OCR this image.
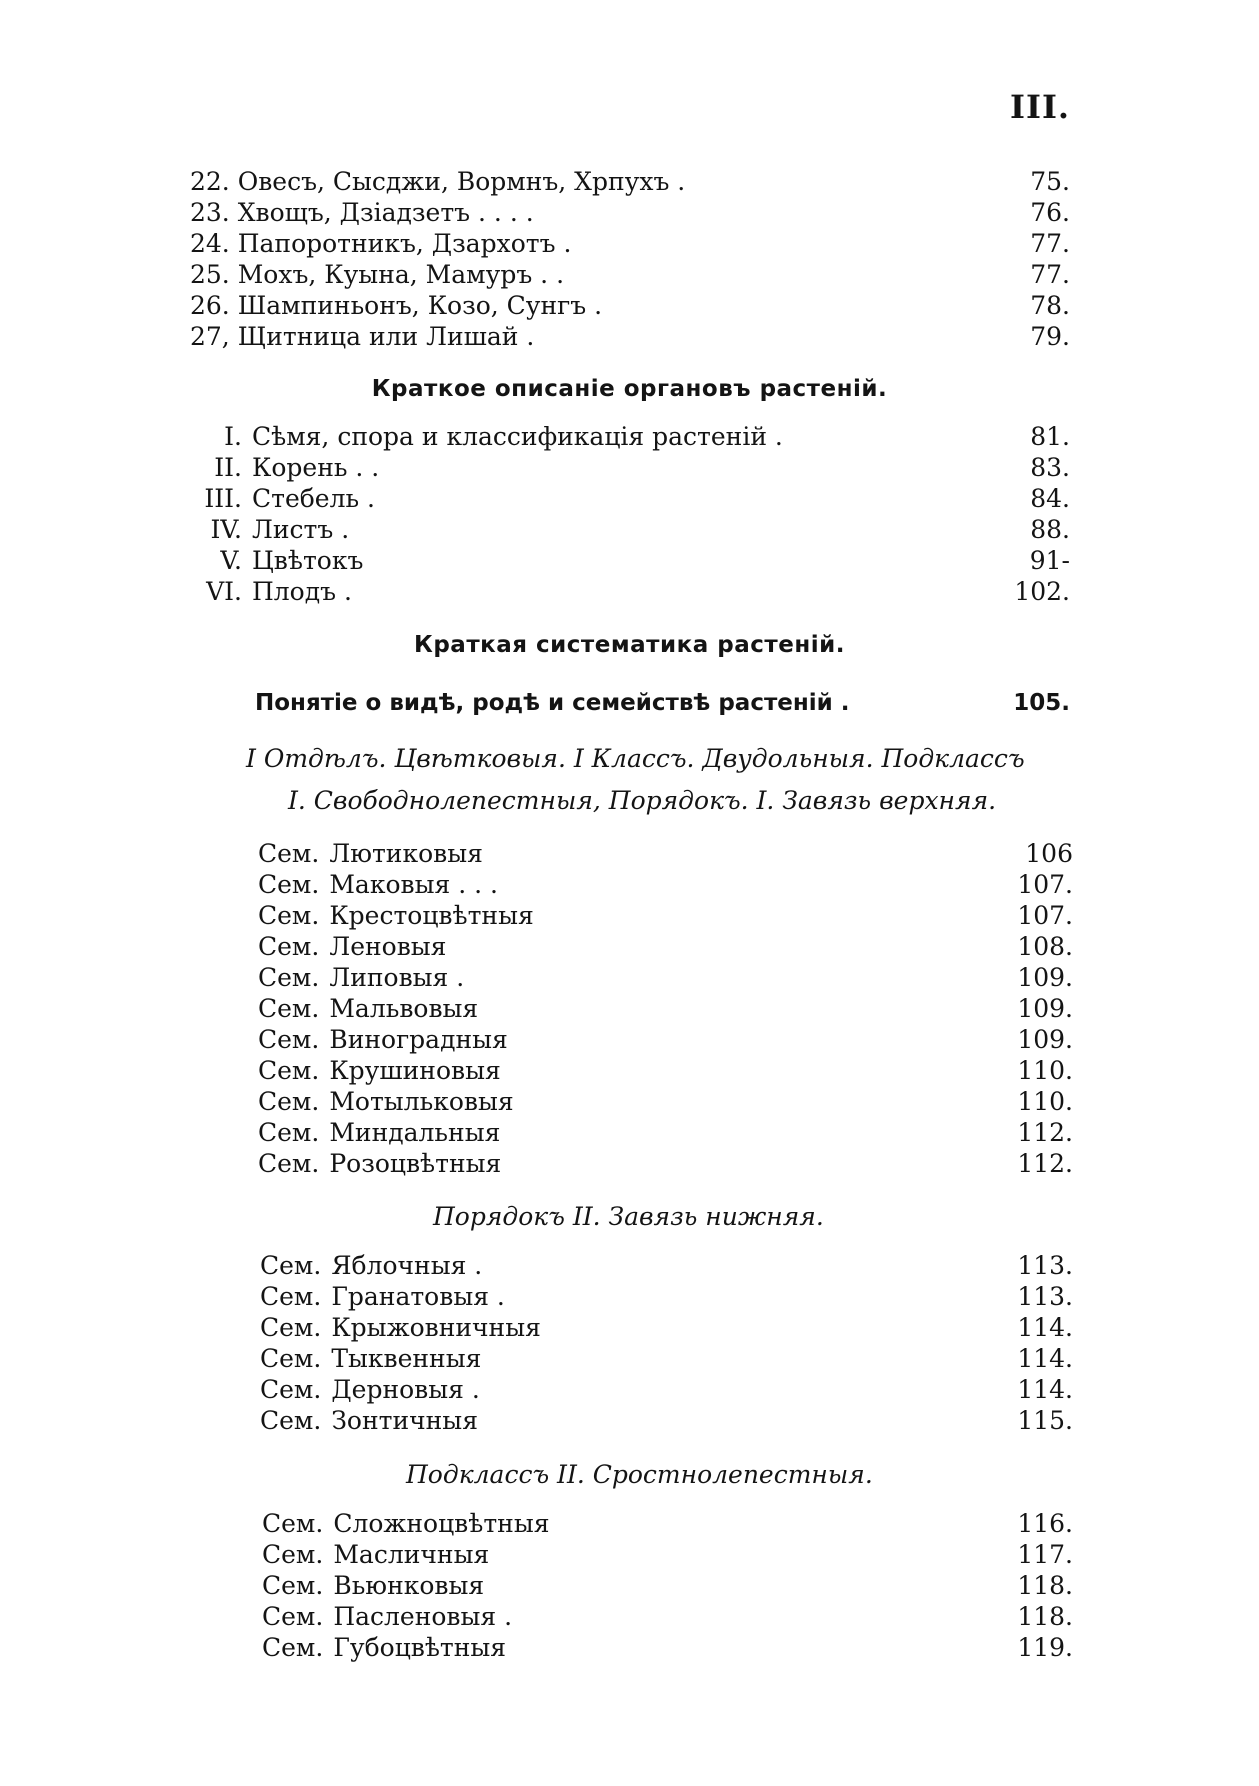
III.
22. Овесъ, Сысджи, Вормнъ, Хрпухъ .	75.
23. Хвощъ, Дзіадзетъ . . . .	76.
24. Папоротникъ, Дзархотъ .	77.
25. Мохъ, Куына, Мамуръ . .	77.
26. Шампиньонъ, Козо, Сунгъ .	78.
27, Щитница или Лишай .	79.
Краткое описаніе органовъ растеній.
I. Сѣмя, спора и классификація растеній .	81.
II. Корень . .	83.
III. Стебель .	84.
IV. Листъ .	88.
V. Цвѣтокъ	91-
VI. Плодъ .	102.
Краткая систематика растеній.
Понятіе о видѣ, родѣ и семействѣ растеній .	105.
I Отдѣлъ. Цвѣтковыя. I Классъ. Двудольныя. Подклассъ
I. Свободнолепестныя, Порядокъ. I. Завязь верхняя.
Сем. Лютиковыя	106
Сем. Маковыя . . .	107.
Сем. Крестоцвѣтныя	107.
Сем. Леновыя	108.
Сем. Липовыя .	109.
Сем. Мальвовыя	109.
Сем. Виноградныя	109.
Сем. Крушиновыя	110.
Сем. Мотыльковыя	110.
Сем. Миндальныя	112.
Сем. Розоцвѣтныя	112.
Порядокъ II. Завязь нижняя.
Сем. Яблочныя .	113.
Сем. Гранатовыя .	113.
Сем. Крыжовничныя	114.
Сем. Тыквенныя	114.
Сем. Дерновыя .	114.
Сем. Зонтичныя	115.
Подклассъ II. Сростнолепестныя.
Сем. Сложноцвѣтныя	116.
Сем. Масличныя	117.
Сем. Вьюнковыя	118.
Сем. Пасленовыя .	118.
Сем. Губоцвѣтныя	119.
